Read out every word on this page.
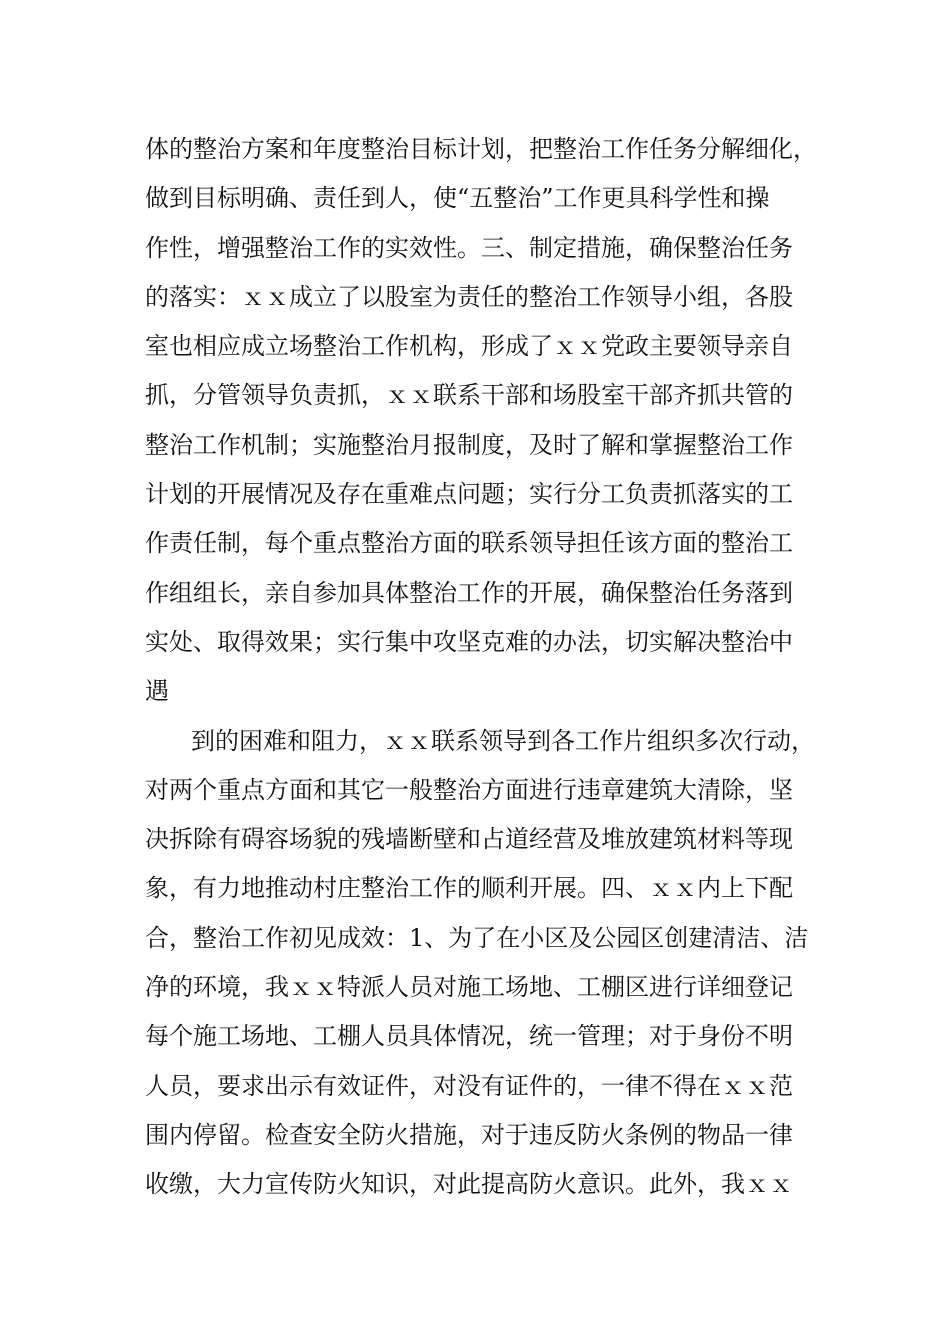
体的整治方案和年度整治目标计划，把整治工作任务分解细化，
做到目标明确、责任到人，使“五整治”工作更具科学性和操
作性，增强整治工作的实效性。三、制定措施，确保整治任务
的落实：ｘｘ成立了以股室为责任的整治工作领导小组，各股
室也相应成立场整治工作机构，形成了ｘｘ党政主要领导亲自
抓，分管领导负责抓，ｘｘ联系干部和场股室干部齐抓共管的
整治工作机制；实施整治月报制度，及时了解和掌握整治工作
计划的开展情况及存在重难点问题；实行分工负责抓落实的工
作责任制，每个重点整治方面的联系领导担任该方面的整治工
作组组长，亲自参加具体整治工作的开展，确保整治任务落到
实处、取得效果；实行集中攻坚克难的办法，切实解决整治中
遇
到的困难和阻力，ｘｘ联系领导到各工作片组织多次行动，
对两个重点方面和其它一般整治方面进行违章建筑大清除，坚
决拆除有碍容场貌的残墙断壁和占道经营及堆放建筑材料等现
象，有力地推动村庄整治工作的顺利开展。四、ｘｘ内上下配
合，整治工作初见成效：1、为了在小区及公园区创建清洁、洁
净的环境，我ｘｘ特派人员对施工场地、工棚区进行详细登记
每个施工场地、工棚人员具体情况，统一管理；对于身份不明
人员，要求出示有效证件，对没有证件的，一律不得在ｘｘ范
围内停留。检查安全防火措施，对于违反防火条例的物品一律
收缴，大力宣传防火知识，对此提高防火意识。此外，我ｘｘ
